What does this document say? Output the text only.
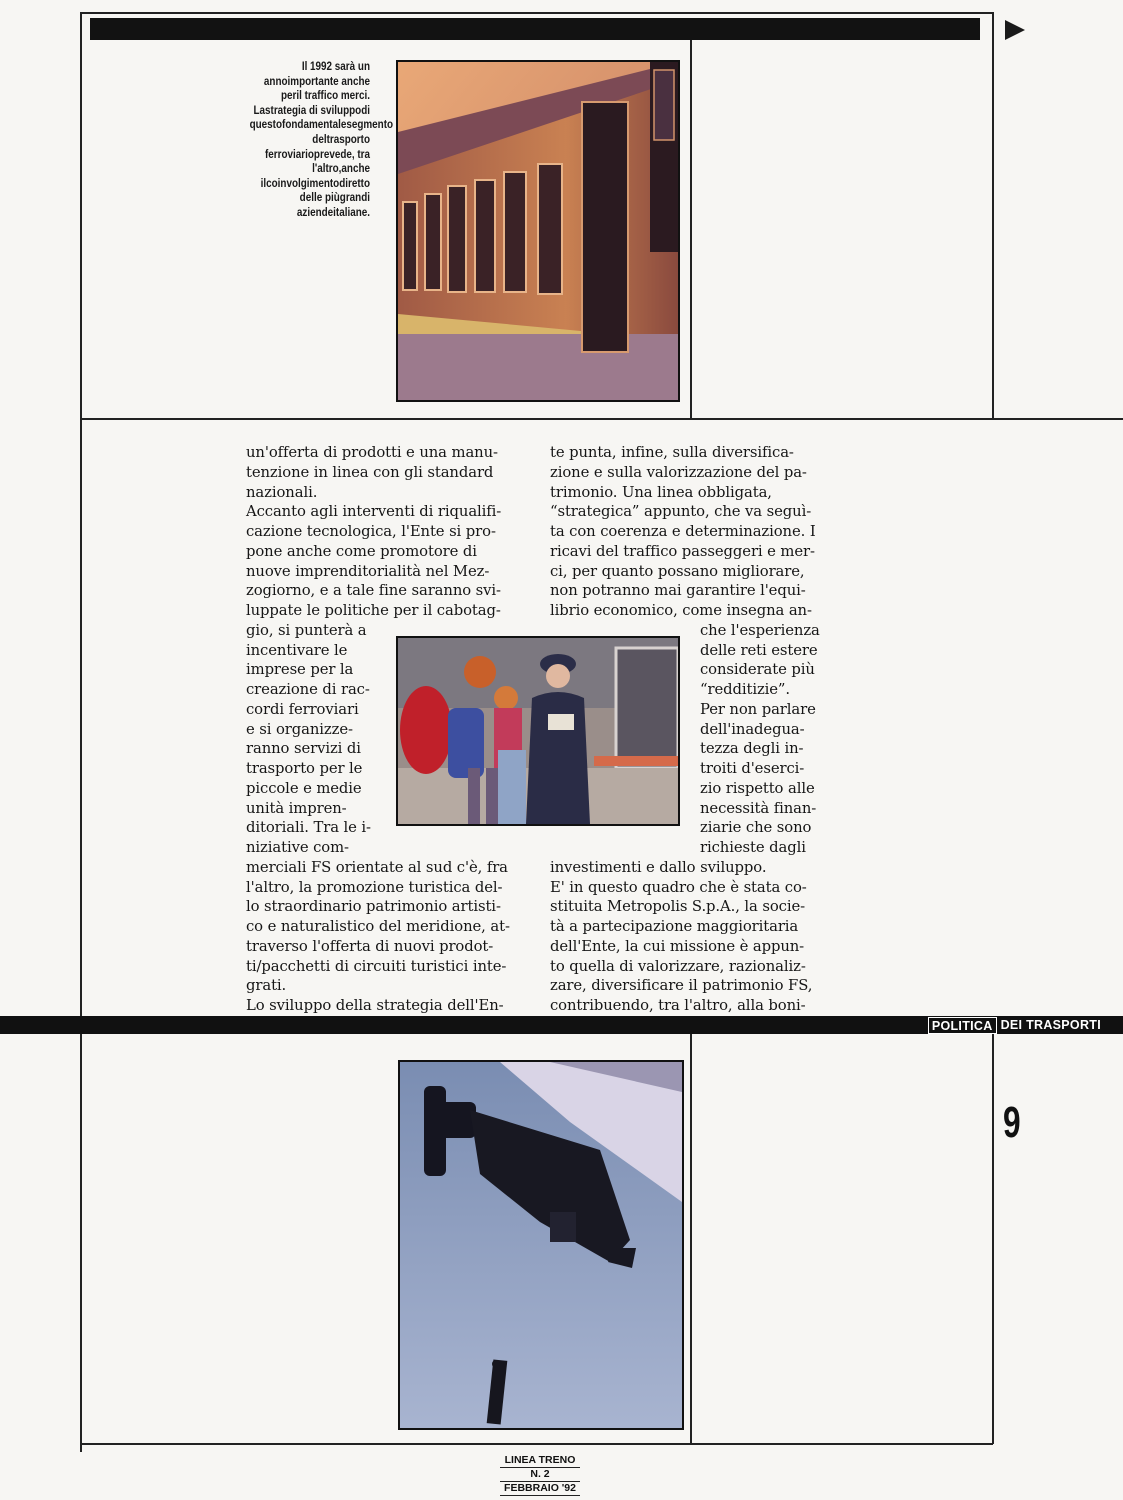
Il 1992 sarà un annoimportante anche peril traffico merci. Lastrategia di sviluppodi questofondamentalesegmento deltrasporto ferroviarioprevede, tra l'altro,anche ilcoinvolgimentodiretto delle piùgrandi aziendeitaliane.
un'offerta di prodotti e una manu-
tenzione in linea con gli standard
nazionali.
Accanto agli interventi di riqualifi-
cazione tecnologica, l'Ente si pro-
pone anche come promotore di
nuove imprenditorialità nel Mez-
zogiorno, e a tale fine saranno svi-
luppate le politiche per il cabotag-
gio, si punterà a
incentivare le
imprese per la
creazione di rac-
cordi ferroviari
e si organizze-
ranno servizi di
trasporto per le
piccole e medie
unità impren-
ditoriali. Tra le i-
niziative com-
merciali FS orientate al sud c'è, fra
l'altro, la promozione turistica del-
lo straordinario patrimonio artisti-
co e naturalistico del meridione, at-
traverso l'offerta di nuovi prodot-
ti/pacchetti di circuiti turistici inte-
grati.
Lo sviluppo della strategia dell'En-
te punta, infine, sulla diversifica-
zione e sulla valorizzazione del pa-
trimonio. Una linea obbligata,
“strategica” appunto, che va seguì-
ta con coerenza e determinazione. I
ricavi del traffico passeggeri e mer-
ci, per quanto possano migliorare,
non potranno mai garantire l'equi-
librio economico, come insegna an-
che l'esperienza
delle reti estere
considerate più
“redditizie”.
Per non parlare
dell'inadegua-
tezza degli in-
troiti d'eserci-
zio rispetto alle
necessità finan-
ziarie che sono
richieste dagli
investimenti e dallo sviluppo.
E' in questo quadro che è stata co-
stituita Metropolis S.p.A., la socie-
tà a partecipazione maggioritaria
dell'Ente, la cui missione è appun-
to quella di valorizzare, razionaliz-
zare, diversificare il patrimonio FS,
contribuendo, tra l'altro, alla boni-
POLITICA DEI TRASPORTI
9
LINEA TRENO
N. 2
FEBBRAIO '92
